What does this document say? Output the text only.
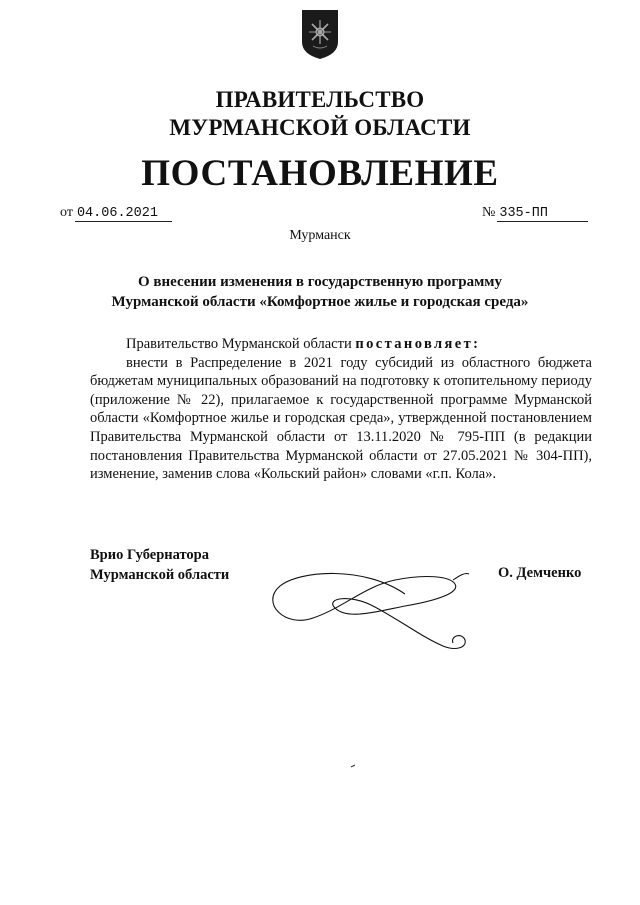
ПРАВИТЕЛЬСТВО
МУРМАНСКОЙ ОБЛАСТИ
ПОСТАНОВЛЕНИЕ
от 04.06.2021	№ 335-ПП
Мурманск
О внесении изменения в государственную программу
Мурманской области «Комфортное жилье и городская среда»
Правительство Мурманской области постановляет:
внести в Распределение в 2021 году субсидий из областного бюджета бюджетам муниципальных образований на подготовку к отопительному периоду (приложение № 22), прилагаемое к государственной программе Мурманской области «Комфортное жилье и городская среда», утвержденной постановлением Правительства Мурманской области от 13.11.2020 № 795-ПП (в редакции постановления Правительства Мурманской области от 27.05.2021 № 304-ПП), изменение, заменив слова «Кольский район» словами «г.п. Кола».
Врио Губернатора
Мурманской области	О. Демченко
